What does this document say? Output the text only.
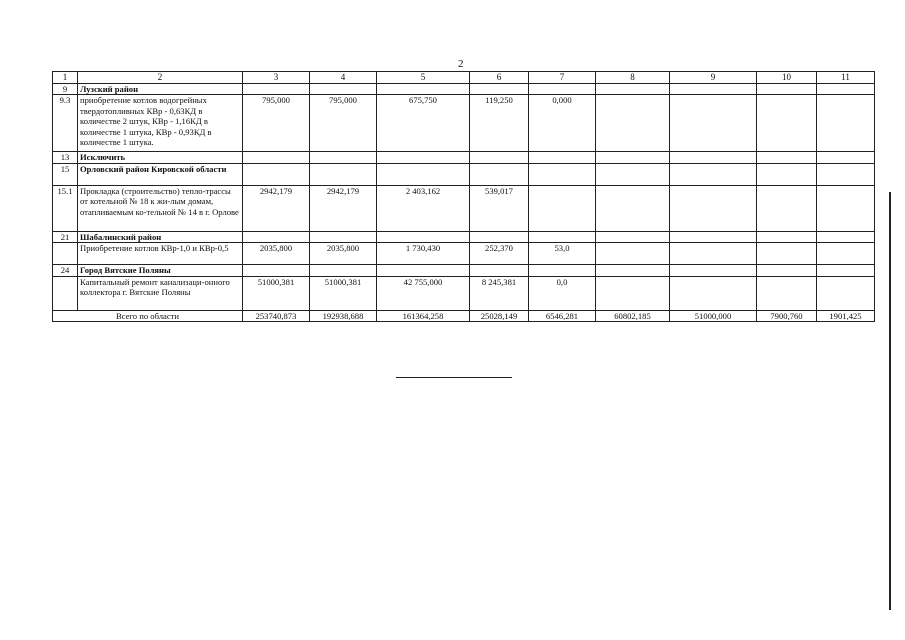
2
1	2	3	4	5	6	7	8	9	10	11
9	Лузский район									
9.3	приобретение котлов водогрейных твердотопливных КВр - 0,63КД в количестве 2 штук, КВр - 1,16КД в количестве 1 штука, КВр - 0,93КД в количестве 1 штука.	795,000	795,000	675,750	119,250	0,000				
13	Исключить									
15	Орловский район Кировской области									
15.1	Прокладка (строительство) тепло-трассы от котельной № 18 к жи-лым домам, отапливаемым ко-тельной № 14 в г. Орлове	2942,179	2942,179	2 403,162	539,017					
21	Шабалинский район									
	Приобретение котлов КВр-1,0 и КВр-0,5	2035,800	2035,800	1 730,430	252,370	53,0				
24	Город Вятские Поляны									
	Капитальный ремонт канализаци-онного коллектора г. Вятские Поляны	51000,381	51000,381	42 755,000	8 245,381	0,0				
Всего по области		253740,873	192938,688	161364,258	25028,149	6546,281	60802,185	51000,000	7900,760	1901,425
